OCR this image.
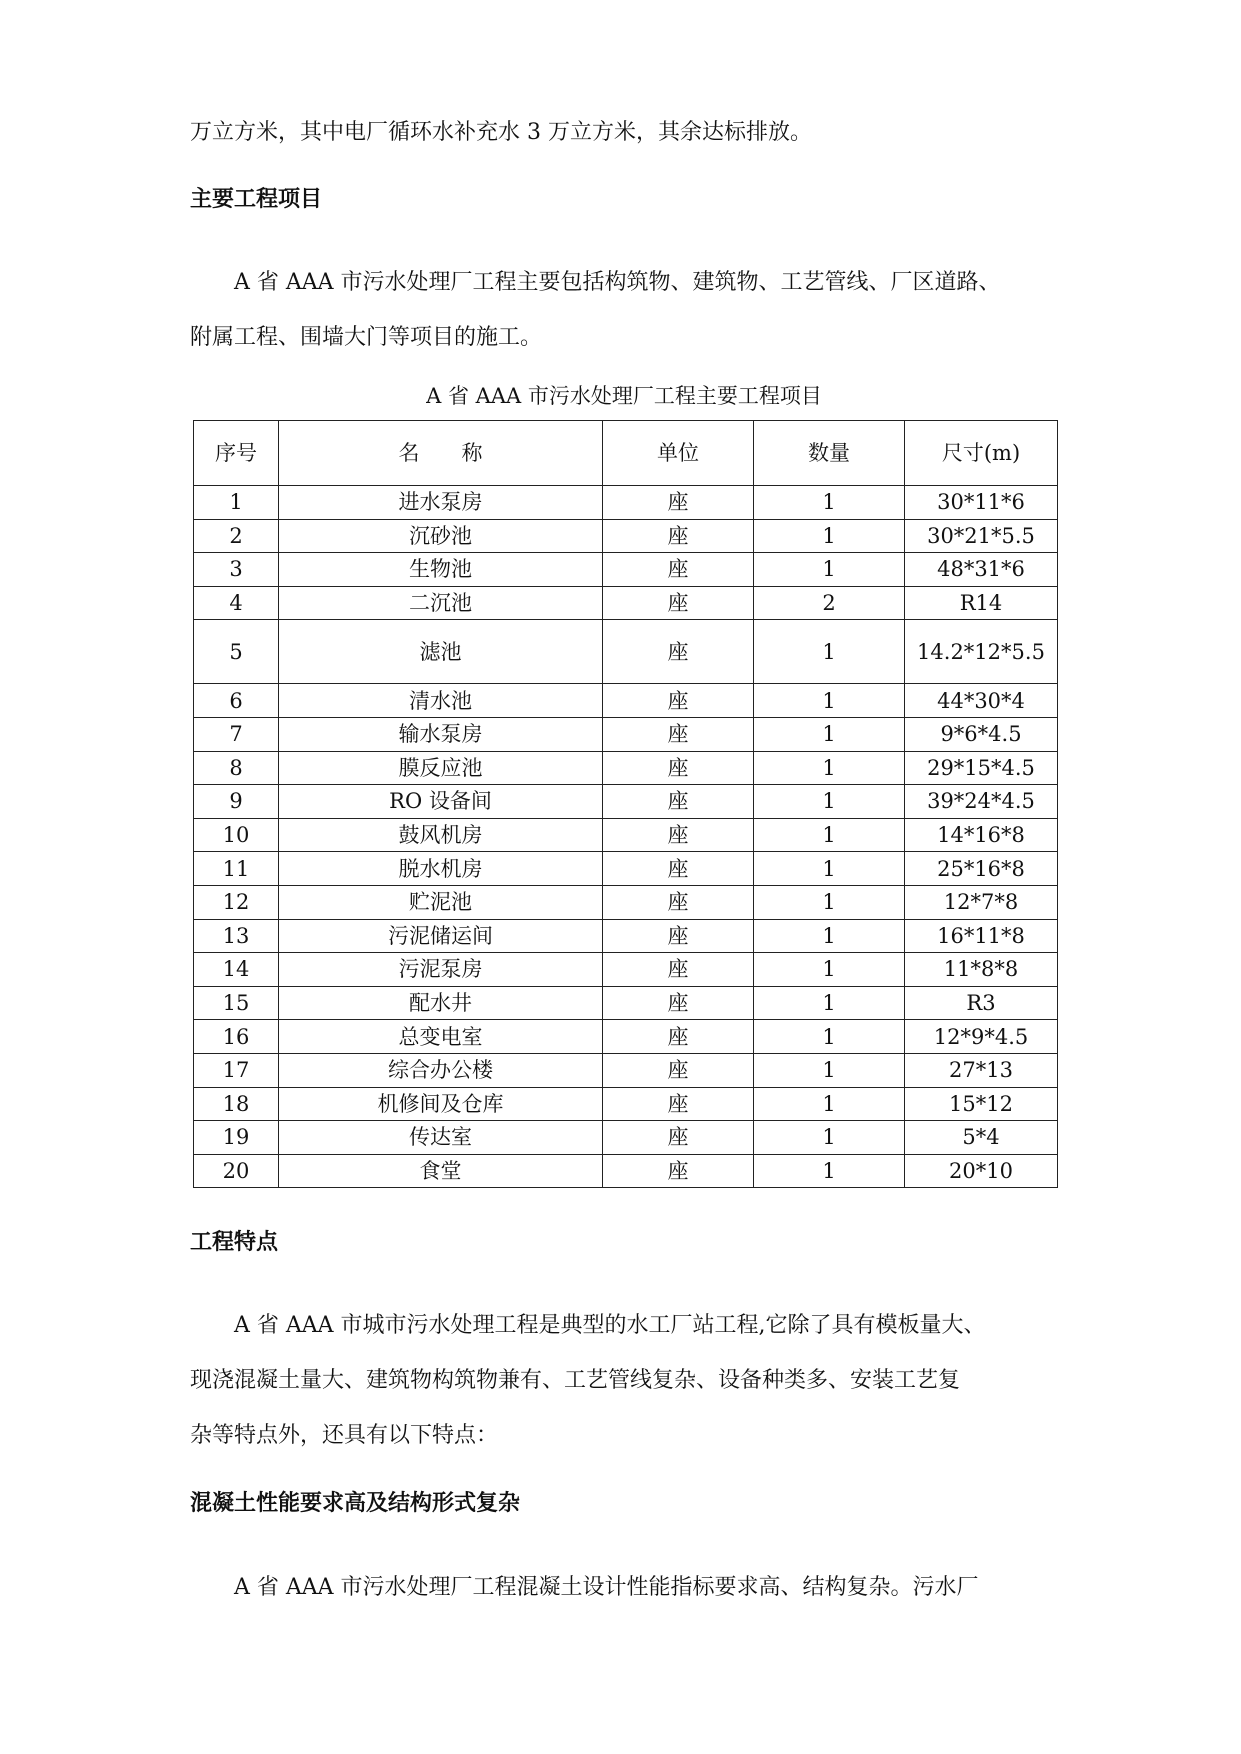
万立方米，其中电厂循环水补充水 3 万立方米，其余达标排放。

主要工程项目

　　A 省 AAA 市污水处理厂工程主要包括构筑物、建筑物、工艺管线、厂区道路、

附属工程、围墙大门等项目的施工。

A 省 AAA 市污水处理厂工程主要工程项目
序号	名　　称	单位	数量	尺寸(m)
1	进水泵房	座	1	30*11*6
2	沉砂池	座	1	30*21*5.5
3	生物池	座	1	48*31*6
4	二沉池	座	2	R14
5	滤池	座	1	14.2*12*5.5
6	清水池	座	1	44*30*4
7	输水泵房	座	1	9*6*4.5
8	膜反应池	座	1	29*15*4.5
9	RO 设备间	座	1	39*24*4.5
10	鼓风机房	座	1	14*16*8
11	脱水机房	座	1	25*16*8
12	贮泥池	座	1	12*7*8
13	污泥储运间	座	1	16*11*8
14	污泥泵房	座	1	11*8*8
15	配水井	座	1	R3
16	总变电室	座	1	12*9*4.5
17	综合办公楼	座	1	27*13
18	机修间及仓库	座	1	15*12
19	传达室	座	1	5*4
20	食堂	座	1	20*10
工程特点

　　A 省 AAA 市城市污水处理工程是典型的水工厂站工程,它除了具有模板量大、

现浇混凝土量大、建筑物构筑物兼有、工艺管线复杂、设备种类多、安装工艺复

杂等特点外，还具有以下特点：

混凝土性能要求高及结构形式复杂

　　A 省 AAA 市污水处理厂工程混凝土设计性能指标要求高、结构复杂。污水厂
